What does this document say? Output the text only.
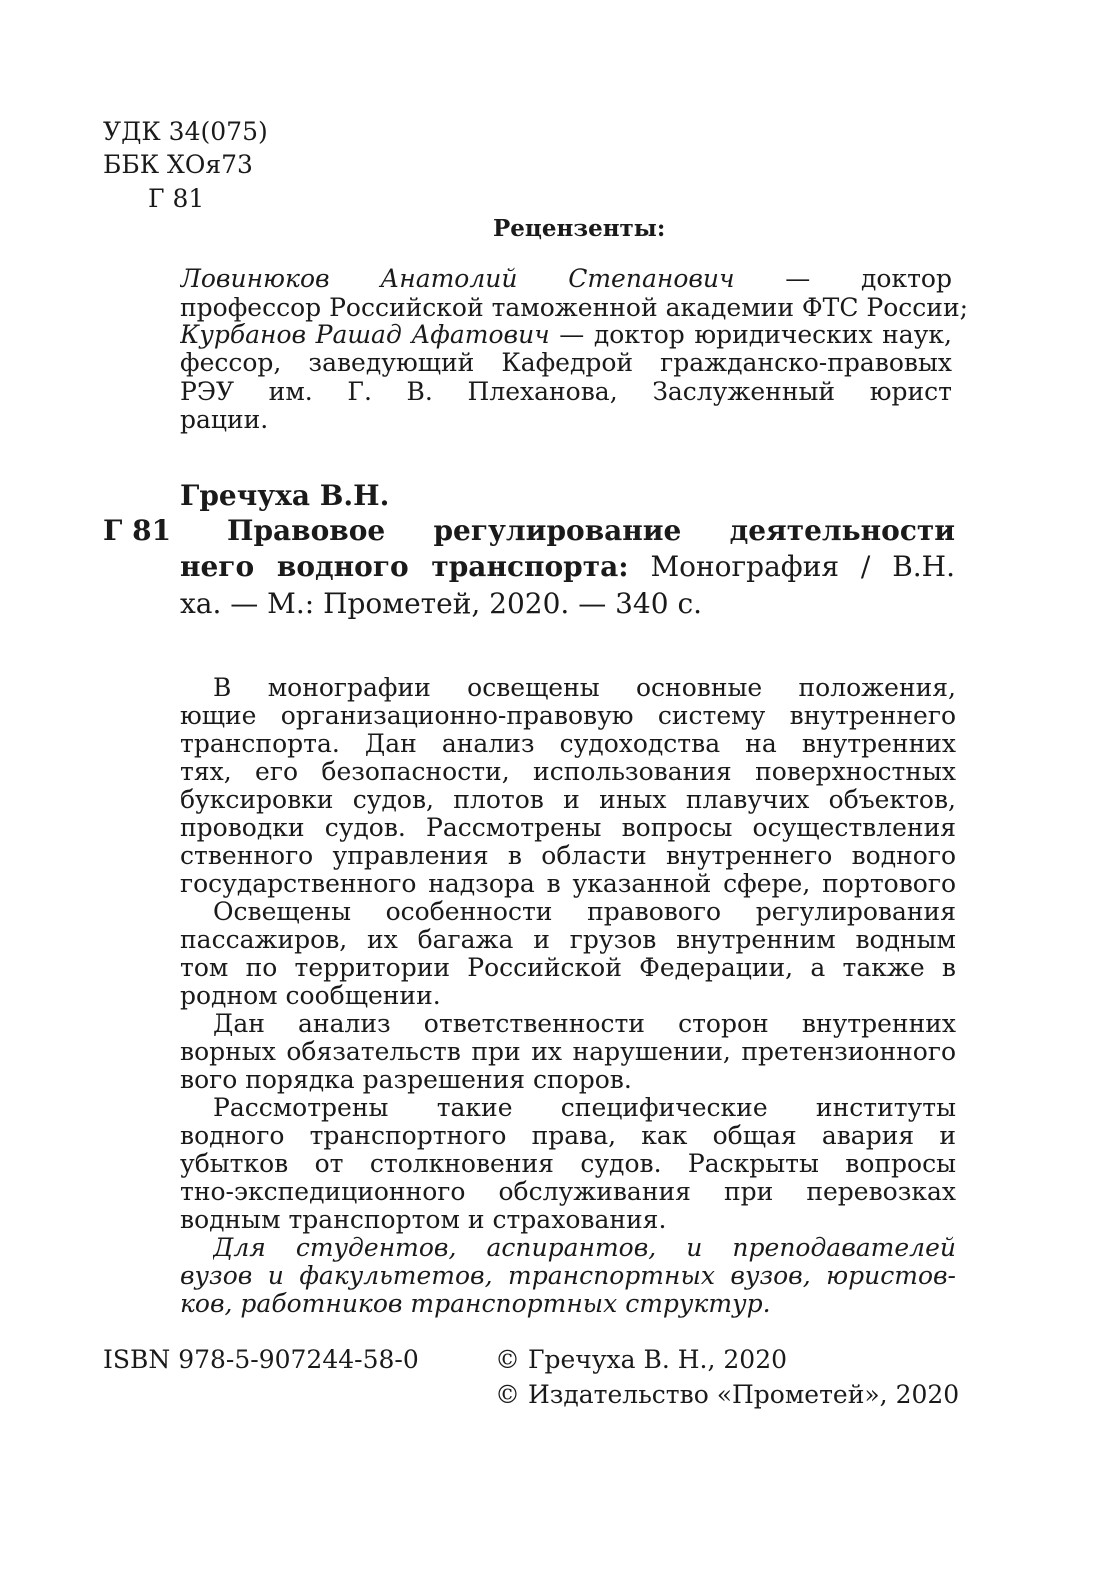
УДК 34(075)

ББК ХОя73

Г 81

Рецензенты:

Ловинюков Анатолий Степанович — доктор

профессор Российской таможенной академии ФТС России;

Курбанов Рашад Афатович — доктор юридических наук,

фессор, заведующий Кафедрой гражданско-правовых

РЭУ им. Г. В. Плеханова, Заслуженный юрист

рации.

Гречуха В.Н.

Г 81 Правовое регулирование деятельности

него водного транспорта: Монография / В.Н.

ха. — М.: Прометей, 2020. — 340 с.

В монографии освещены основные положения,

ющие организационно-правовую систему внутреннего

транспорта. Дан анализ судоходства на внутренних

тях, его безопасности, использования поверхностных

буксировки судов, плотов и иных плавучих объектов,

проводки судов. Рассмотрены вопросы осуществления

ственного управления в области внутреннего водного

государственного надзора в указанной сфере, портового

Освещены особенности правового регулирования

пассажиров, их багажа и грузов внутренним водным

том по территории Российской Федерации, а также в

родном сообщении.

Дан анализ ответственности сторон внутренних

ворных обязательств при их нарушении, претензионного

вого порядка разрешения споров.

Рассмотрены такие специфические институты

водного транспортного права, как общая авария и

убытков от столкновения судов. Раскрыты вопросы

тно-экспедиционного обслуживания при перевозках

водным транспортом и страхования.

Для студентов, аспирантов, и преподавателей

вузов и факультетов, транспортных вузов, юристов-

ков, работников транспортных структур.

ISBN 978-5-907244-58-0	© Гречуха В. Н., 2020

© Издательство «Прометей», 2020
